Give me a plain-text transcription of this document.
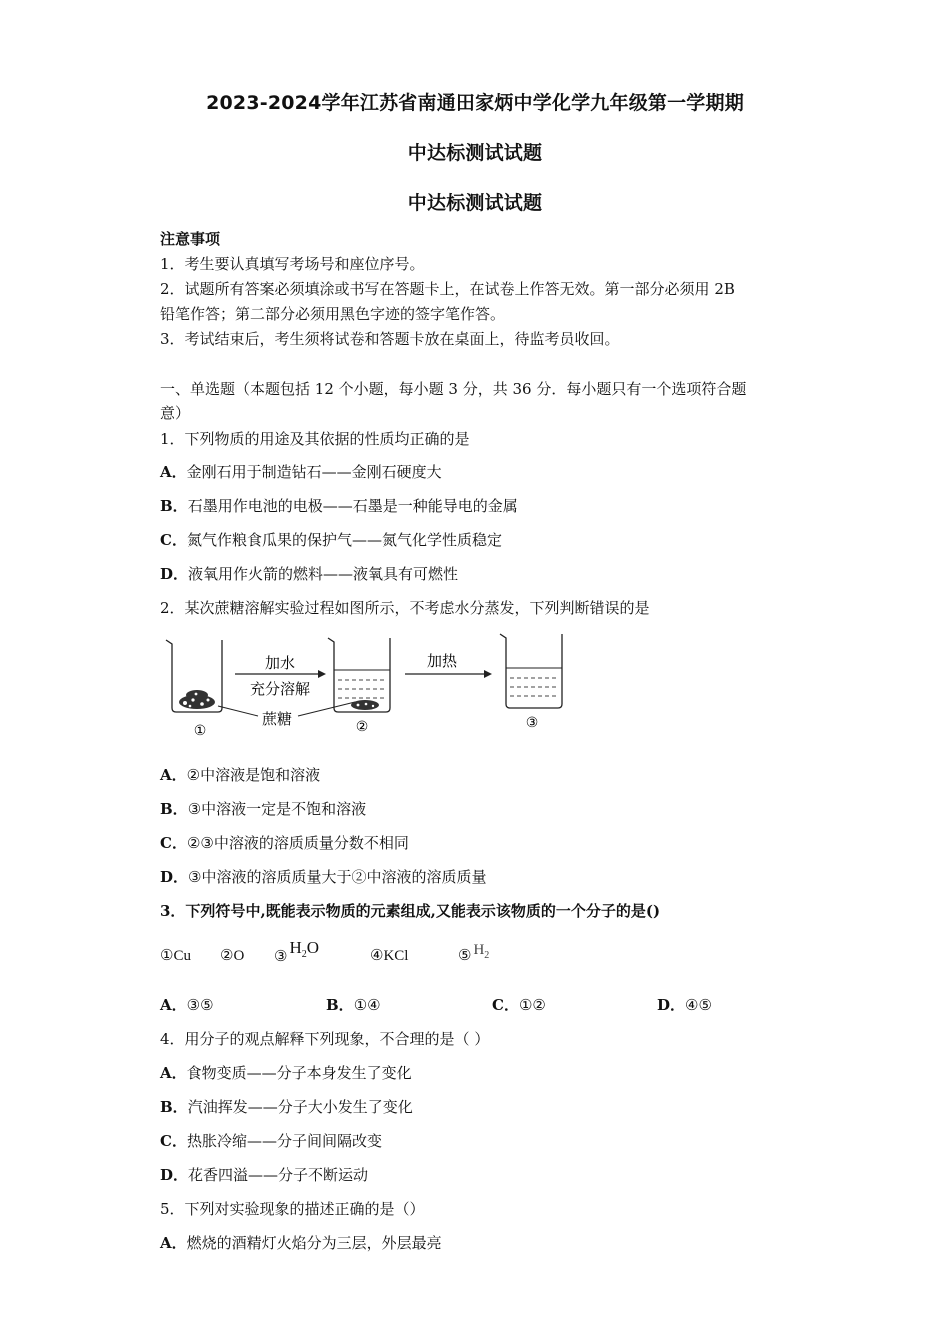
2023-2024学年江苏省南通田家炳中学化学九年级第一学期期
中达标测试试题
中达标测试试题
注意事项
1．考生要认真填写考场号和座位序号。
2．试题所有答案必须填涂或书写在答题卡上，在试卷上作答无效。第一部分必须用 2B
铅笔作答；第二部分必须用黑色字迹的签字笔作答。
3．考试结束后，考生须将试卷和答题卡放在桌面上，待监考员收回。
一、单选题（本题包括 12 个小题，每小题 3 分，共 36 分．每小题只有一个选项符合题
意）
1．下列物质的用途及其依据的性质均正确的是
A．金刚石用于制造钻石——金刚石硬度大
B．石墨用作电池的电极——石墨是一种能导电的金属
C．氮气作粮食瓜果的保护气——氮气化学性质稳定
D．液氧用作火箭的燃料——液氧具有可燃性
2．某次蔗糖溶解实验过程如图所示，不考虑水分蒸发，下列判断错误的是
①
加水
充分溶解
蔗糖	②
加热
③
A．②中溶液是饱和溶液
B．③中溶液一定是不饱和溶液
C．②③中溶液的溶质质量分数不相同
D．③中溶液的溶质质量大于②中溶液的溶质质量
3．下列符号中,既能表示物质的元素组成,又能表示该物质的一个分子的是()
①Cu ②O ③ $H_2O$	④KCl	⑤ $H_2$
A．③⑤	B．①④	C．①②	D．④⑤
4．用分子的观点解释下列现象，不合理的是（ ）
A．食物变质——分子本身发生了变化
B．汽油挥发——分子大小发生了变化
C．热胀冷缩——分子间间隔改变
D．花香四溢——分子不断运动
5．下列对实验现象的描述正确的是（）
A．燃烧的酒精灯火焰分为三层，外层最亮
